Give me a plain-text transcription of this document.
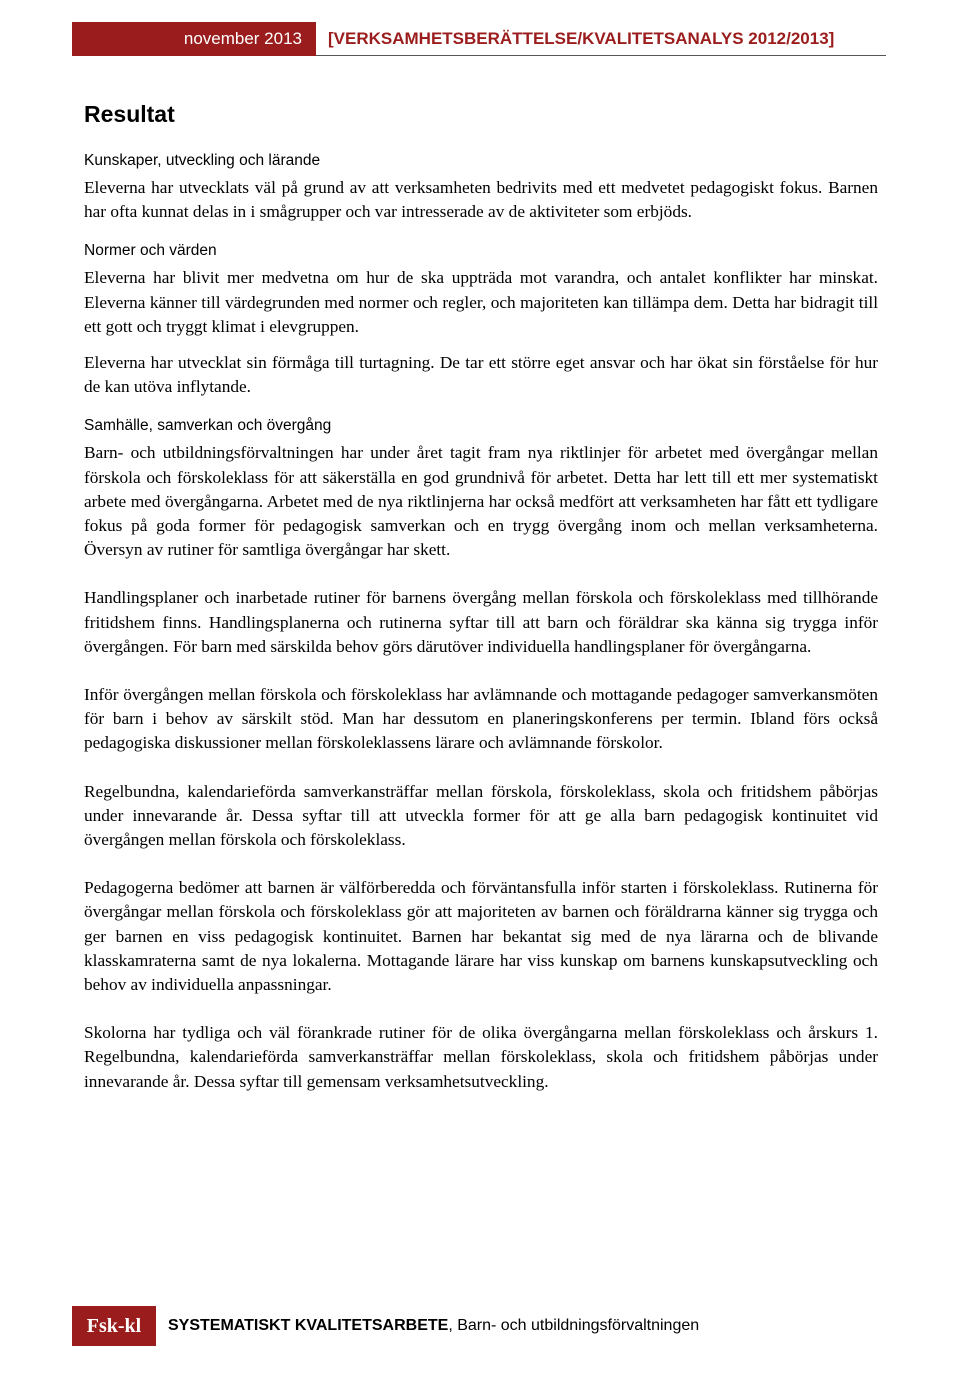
november 2013	[VERKSAMHETSBERÄTTELSE/KVALITETSANALYS 2012/2013]
Resultat
Kunskaper, utveckling och lärande

Eleverna har utvecklats väl på grund av att verksamheten bedrivits med ett medvetet pedagogiskt fokus. Barnen har ofta kunnat delas in i smågrupper och var intresserade av de aktiviteter som erbjöds.

Normer och värden

Eleverna har blivit mer medvetna om hur de ska uppträda mot varandra, och antalet konflikter har minskat. Eleverna känner till värdegrunden med normer och regler, och majoriteten kan tillämpa dem. Detta har bidragit till ett gott och tryggt klimat i elevgruppen.

Eleverna har utvecklat sin förmåga till turtagning. De tar ett större eget ansvar och har ökat sin förståelse för hur de kan utöva inflytande.

Samhälle, samverkan och övergång

Barn- och utbildningsförvaltningen har under året tagit fram nya riktlinjer för arbetet med övergångar mellan förskola och förskoleklass för att säkerställa en god grundnivå för arbetet. Detta har lett till ett mer systematiskt arbete med övergångarna. Arbetet med de nya riktlinjerna har också medfört att verksamheten har fått ett tydligare fokus på goda former för pedagogisk samverkan och en trygg övergång inom och mellan verksamheterna. Översyn av rutiner för samtliga övergångar har skett.

Handlingsplaner och inarbetade rutiner för barnens övergång mellan förskola och förskoleklass med tillhörande fritidshem finns. Handlingsplanerna och rutinerna syftar till att barn och föräldrar ska känna sig trygga inför övergången. För barn med särskilda behov görs därutöver individuella handlingsplaner för övergångarna.

Inför övergången mellan förskola och förskoleklass har avlämnande och mottagande pedagoger samverkansmöten för barn i behov av särskilt stöd. Man har dessutom en planeringskonferens per termin. Ibland förs också pedagogiska diskussioner mellan förskoleklassens lärare och avlämnande förskolor.

Regelbundna, kalendarieförda samverkansträffar mellan förskola, förskoleklass, skola och fritidshem påbörjas under innevarande år. Dessa syftar till att utveckla former för att ge alla barn pedagogisk kontinuitet vid övergången mellan förskola och förskoleklass.

Pedagogerna bedömer att barnen är välförberedda och förväntansfulla inför starten i förskoleklass. Rutinerna för övergångar mellan förskola och förskoleklass gör att majoriteten av barnen och föräldrarna känner sig trygga och ger barnen en viss pedagogisk kontinuitet. Barnen har bekantat sig med de nya lärarna och de blivande klasskamraterna samt de nya lokalerna. Mottagande lärare har viss kunskap om barnens kunskapsutveckling och behov av individuella anpassningar.

Skolorna har tydliga och väl förankrade rutiner för de olika övergångarna mellan förskoleklass och årskurs 1. Regelbundna, kalendarieförda samverkansträffar mellan förskoleklass, skola och fritidshem påbörjas under innevarande år. Dessa syftar till gemensam verksamhetsutveckling.

Fsk-kl	SYSTEMATISKT KVALITETSARBETE, Barn- och utbildningsförvaltningen
